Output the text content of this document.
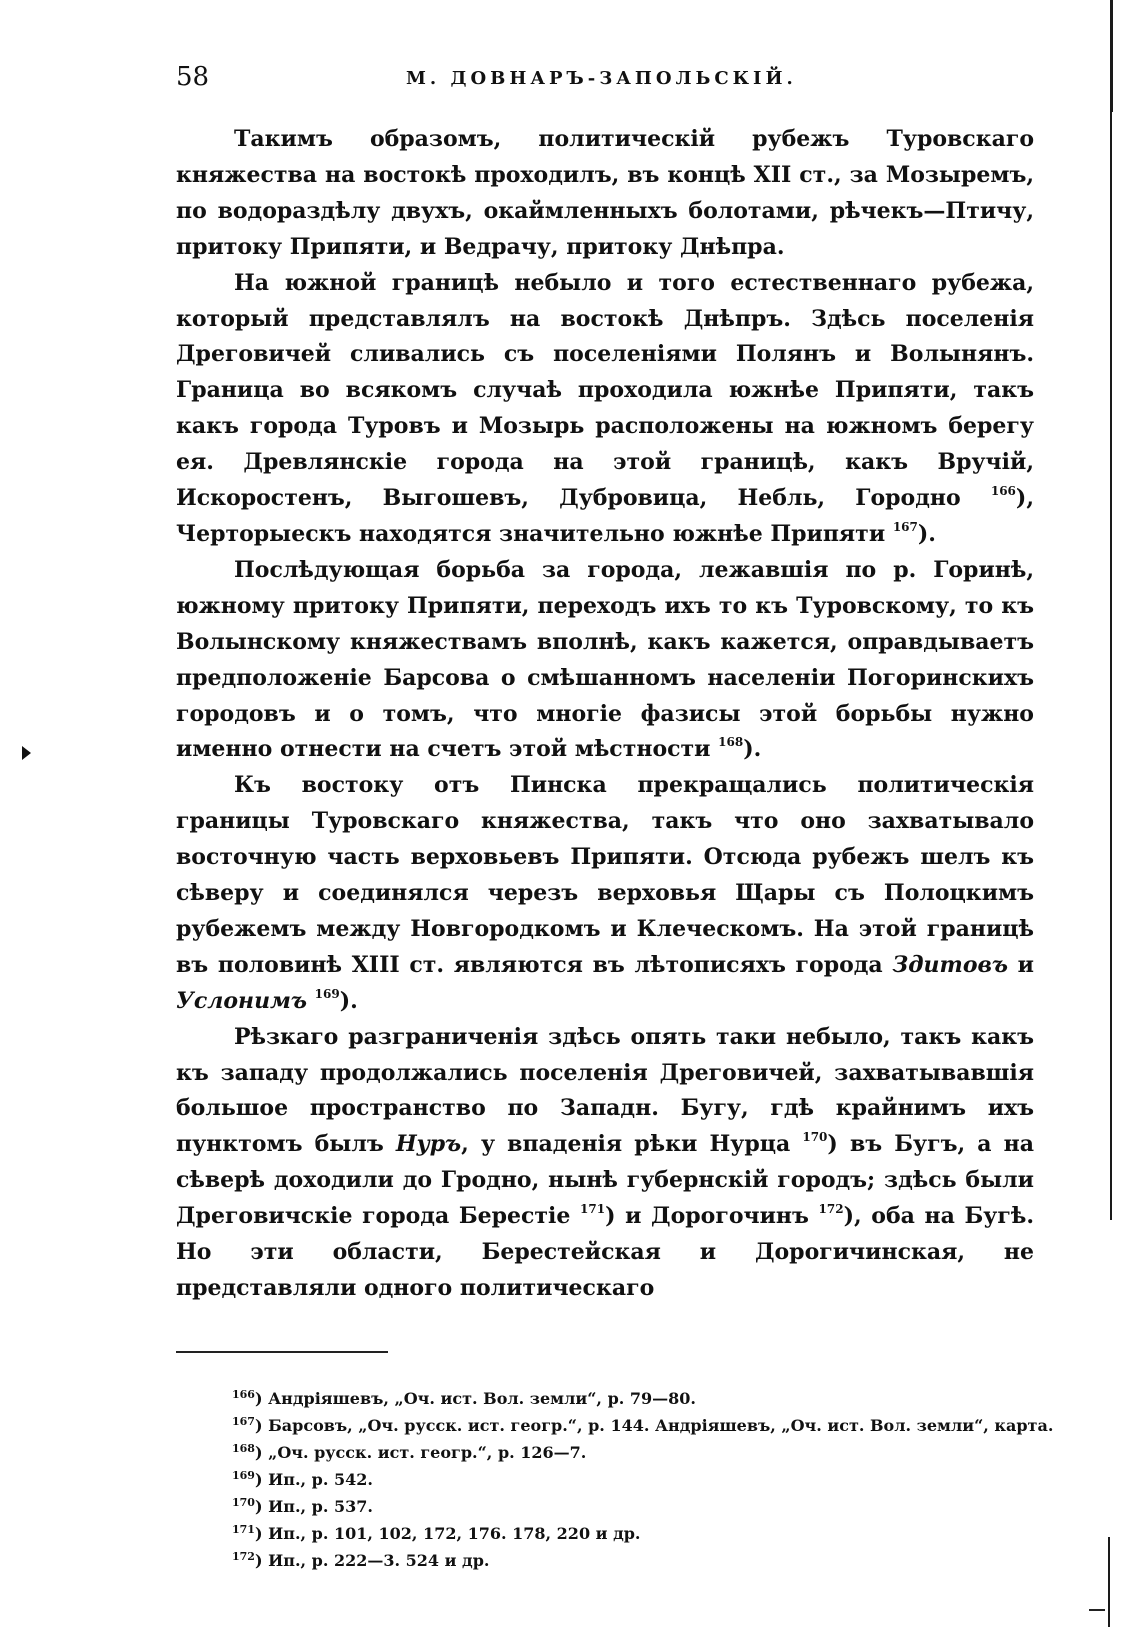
58	М. ДОВНАРЪ-ЗАПОЛЬСКІЙ.

Такимъ образомъ, политическій рубежъ Туровскаго княжества на востокѣ проходилъ, въ концѣ XII ст., за Мозыремъ, по водораздѣлу двухъ, окаймленныхъ болотами, рѣчекъ—Птичу, притоку Припяти, и Ведрачу, притоку Днѣпра.

На южной границѣ небыло и того естественнаго рубежа, который представлялъ на востокѣ Днѣпръ. Здѣсь поселенія Дреговичей сливались съ поселеніями Полянъ и Волынянъ. Граница во всякомъ случаѣ проходила южнѣе Припяти, такъ какъ города Туровъ и Мозырь расположены на южномъ берегу ея. Древлянскіе города на этой границѣ, какъ Вручій, Искоростенъ, Выгошевъ, Дубровица, Небль, Городно	$^{166}$), Черторыескъ находятся значительно южнѣе Припяти $^{167}$).

Послѣдующая борьба за города, лежавшія по р. Горинѣ, южному притоку Припяти, переходъ ихъ то къ Туровскому, то къ Волынскому княжествамъ вполнѣ, какъ кажется, оправдываетъ предположеніе Барсова о смѣшанномъ населеніи Погоринскихъ городовъ и о томъ, что многіе фазисы этой борьбы нужно именно отнести на счетъ этой мѣстности $^{168}$).

Къ востоку отъ Пинска прекращались политическія границы Туровскаго княжества, такъ что оно захватывало восточную часть верховьевъ Припяти. Отсюда рубежъ шелъ къ сѣверу и соединялся черезъ верховья Щары съ Полоцкимъ рубежемъ между Новгородкомъ и Клеческомъ. На этой границѣ въ половинѣ XIII ст. являются въ лѣтописяхъ города Здитовъ и Услонимъ $^{169}$).

Рѣзкаго разграниченія здѣсь опять таки небыло, такъ какъ къ западу продолжались поселенія Дреговичей, захватывавшія большое пространство по Западн. Бугу, гдѣ крайнимъ ихъ пунктомъ былъ Нуръ, у впаденія рѣки Нурца $^{170}$) въ Бугъ, а на сѣверѣ доходили до Гродно, нынѣ губернскій городъ; здѣсь были Дреговичскіе города Берестіе $^{171}$) и Дорогочинъ $^{172}$), оба на Бугѣ. Но эти области, Берестейская и Дорогичинская, не представляли одного политическаго

$^{166}$) Андріяшевъ, „Оч. ист. Вол. земли“, p. 79—80.
$^{167}$) Барсовъ, „Оч. русск. ист. геогр.“, p. 144. Андріяшевъ, „Оч. ист. Вол. земли“, карта.
$^{168}$) „Оч. русск. ист. геогр.“, p. 126—7.
$^{169}$) Ип., p. 542.
$^{170}$) Ип., p. 537.
$^{171}$) Ип., p. 101, 102, 172, 176. 178, 220 и др.
$^{172}$) Ип., p. 222—3. 524 и др.
